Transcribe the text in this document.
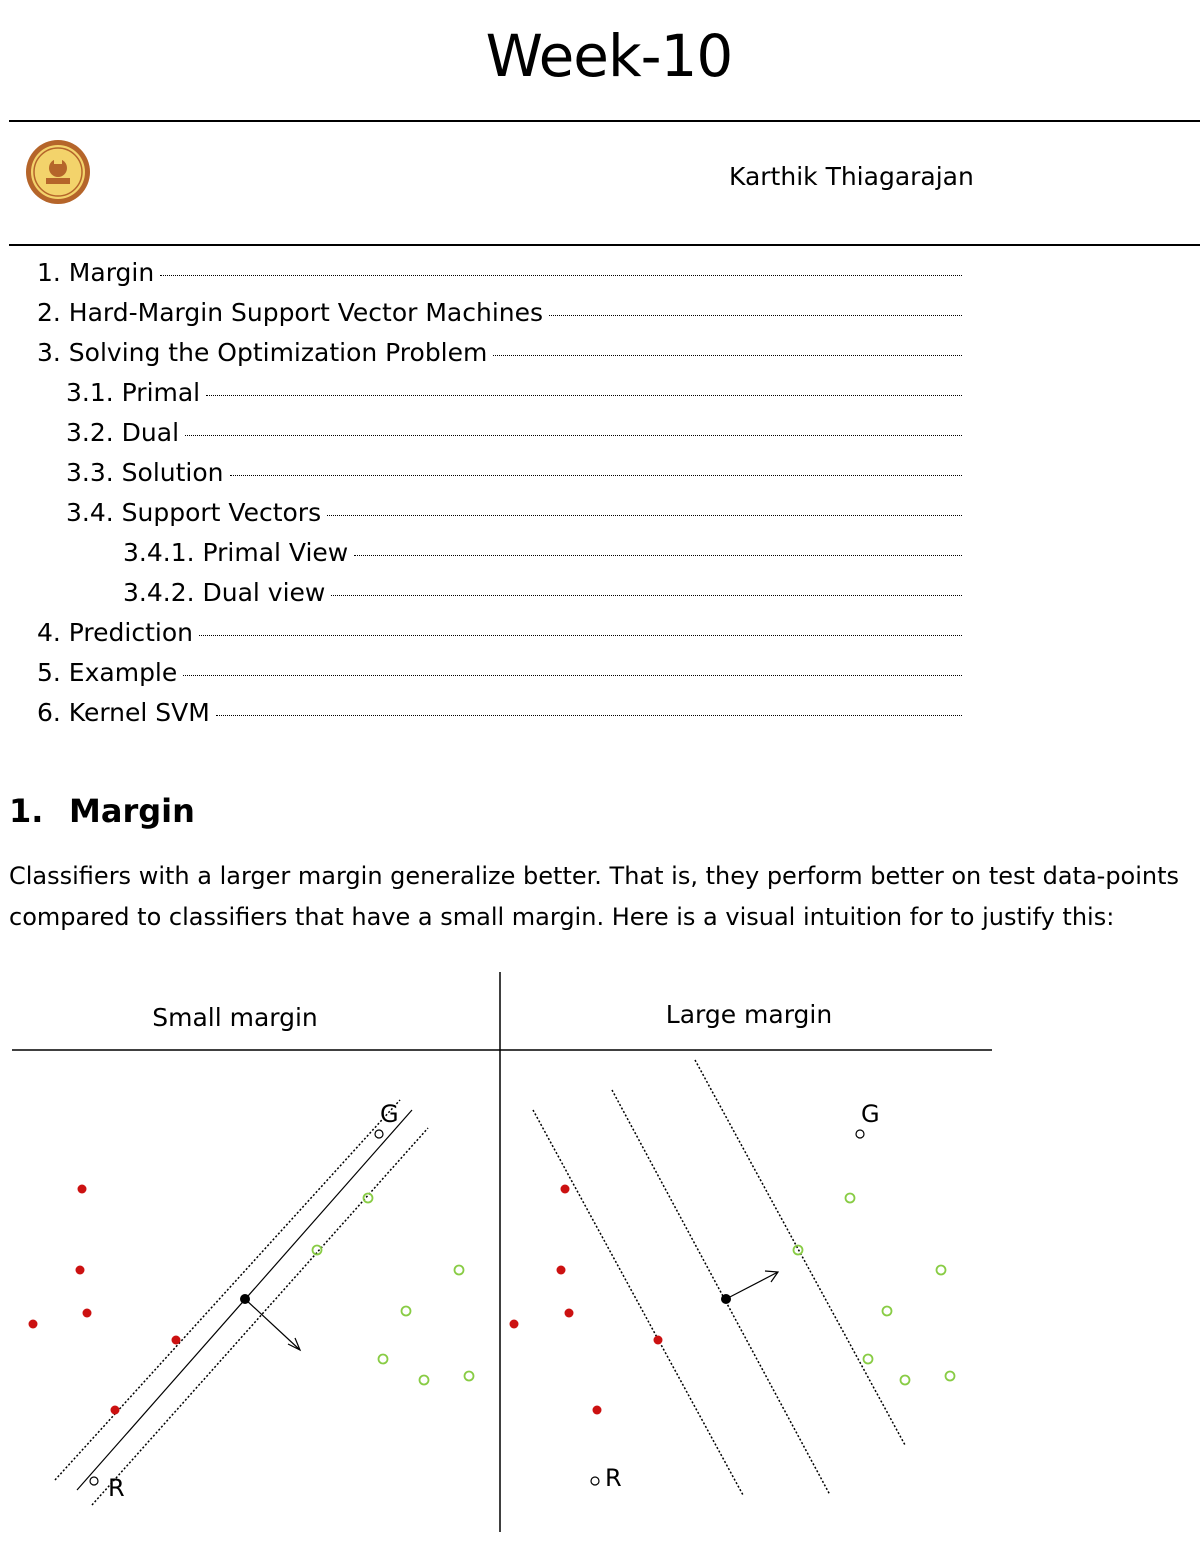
Week-10
Karthik Thiagarajan
1. Margin
2. Hard-Margin Support Vector Machines
3. Solving the Optimization Problem
3.1. Primal
3.2. Dual
3.3. Solution
3.4. Support Vectors
3.4.1. Primal View
3.4.2. Dual view
4. Prediction
5. Example
6. Kernel SVM
1. Margin

Classifiers with a larger margin generalize better. That is, they perform better on test data-points

compared to classifiers that have a small margin. Here is a visual intuition for to justify this:

Small margin	Large margin
G
R
G
R
